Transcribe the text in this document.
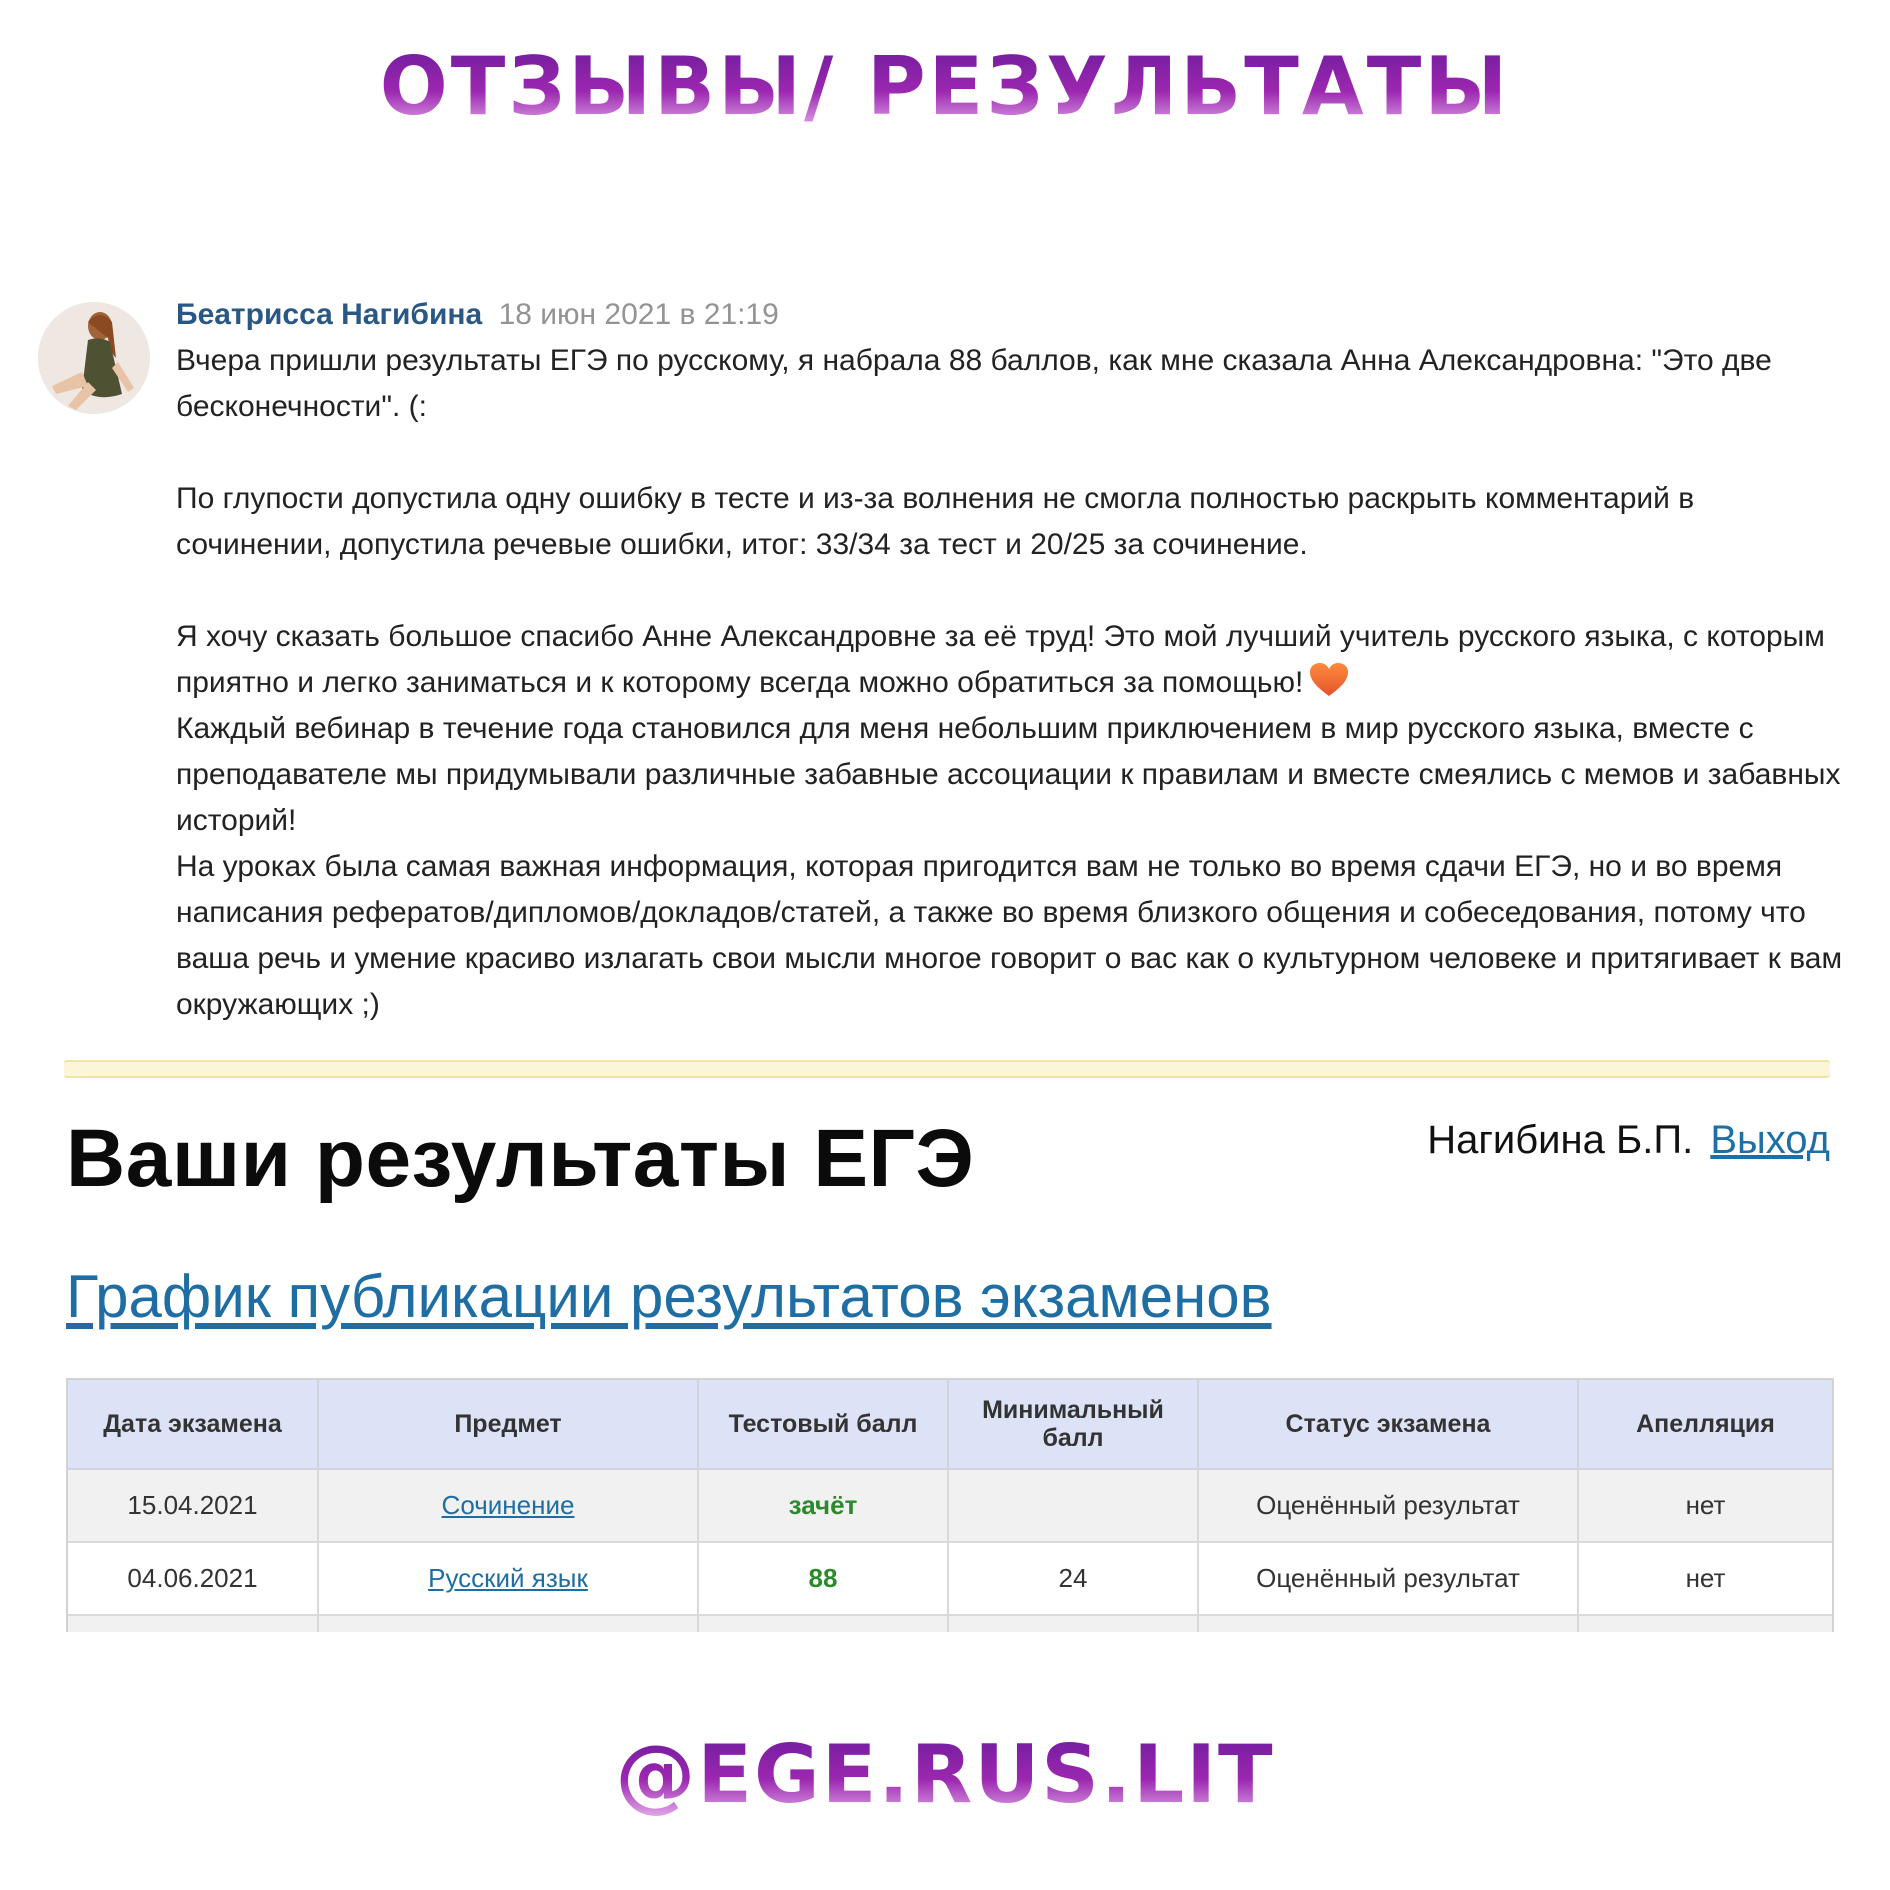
ОТЗЫВЫ/ РЕЗУЛЬТАТЫ
Беатрисса Нагибина 18 июн 2021 в 21:19

Вчера пришли результаты ЕГЭ по русскому, я набрала 88 баллов, как мне сказала Анна Александровна: "Это две бесконечности". (:

По глупости допустила одну ошибку в тесте и из-за волнения не смогла полностью раскрыть комментарий в сочинении, допустила речевые ошибки, итог: 33/34 за тест и 20/25 за сочинение.

Я хочу сказать большое спасибо Анне Александровне за её труд! Это мой лучший учитель русского языка, с которым приятно и легко заниматься и к которому всегда можно обратиться за помощью!

Каждый вебинар в течение года становился для меня небольшим приключением в мир русского языка, вместе с преподавателе мы придумывали различные забавные ассоциации к правилам и вместе смеялись с мемов и забавных историй!

На уроках была самая важная информация, которая пригодится вам не только во время сдачи ЕГЭ, но и во время написания рефератов/дипломов/докладов/статей, а также во время близкого общения и собеседования, потому что ваша речь и умение красиво излагать свои мысли многое говорит о вас как о культурном человеке и притягивает к вам окружающих ;)

Ваши результаты ЕГЭ	Нагибина Б.П. Выход
График публикации результатов экзаменов
Дата экзамена	Предмет	Тестовый балл	Минимальный балл	Статус экзамена	Апелляция
15.04.2021	Сочинение	зачёт		Оценённый результат	нет
04.06.2021	Русский язык	88	24	Оценённый результат	нет

@EGE.RUS.LIT
